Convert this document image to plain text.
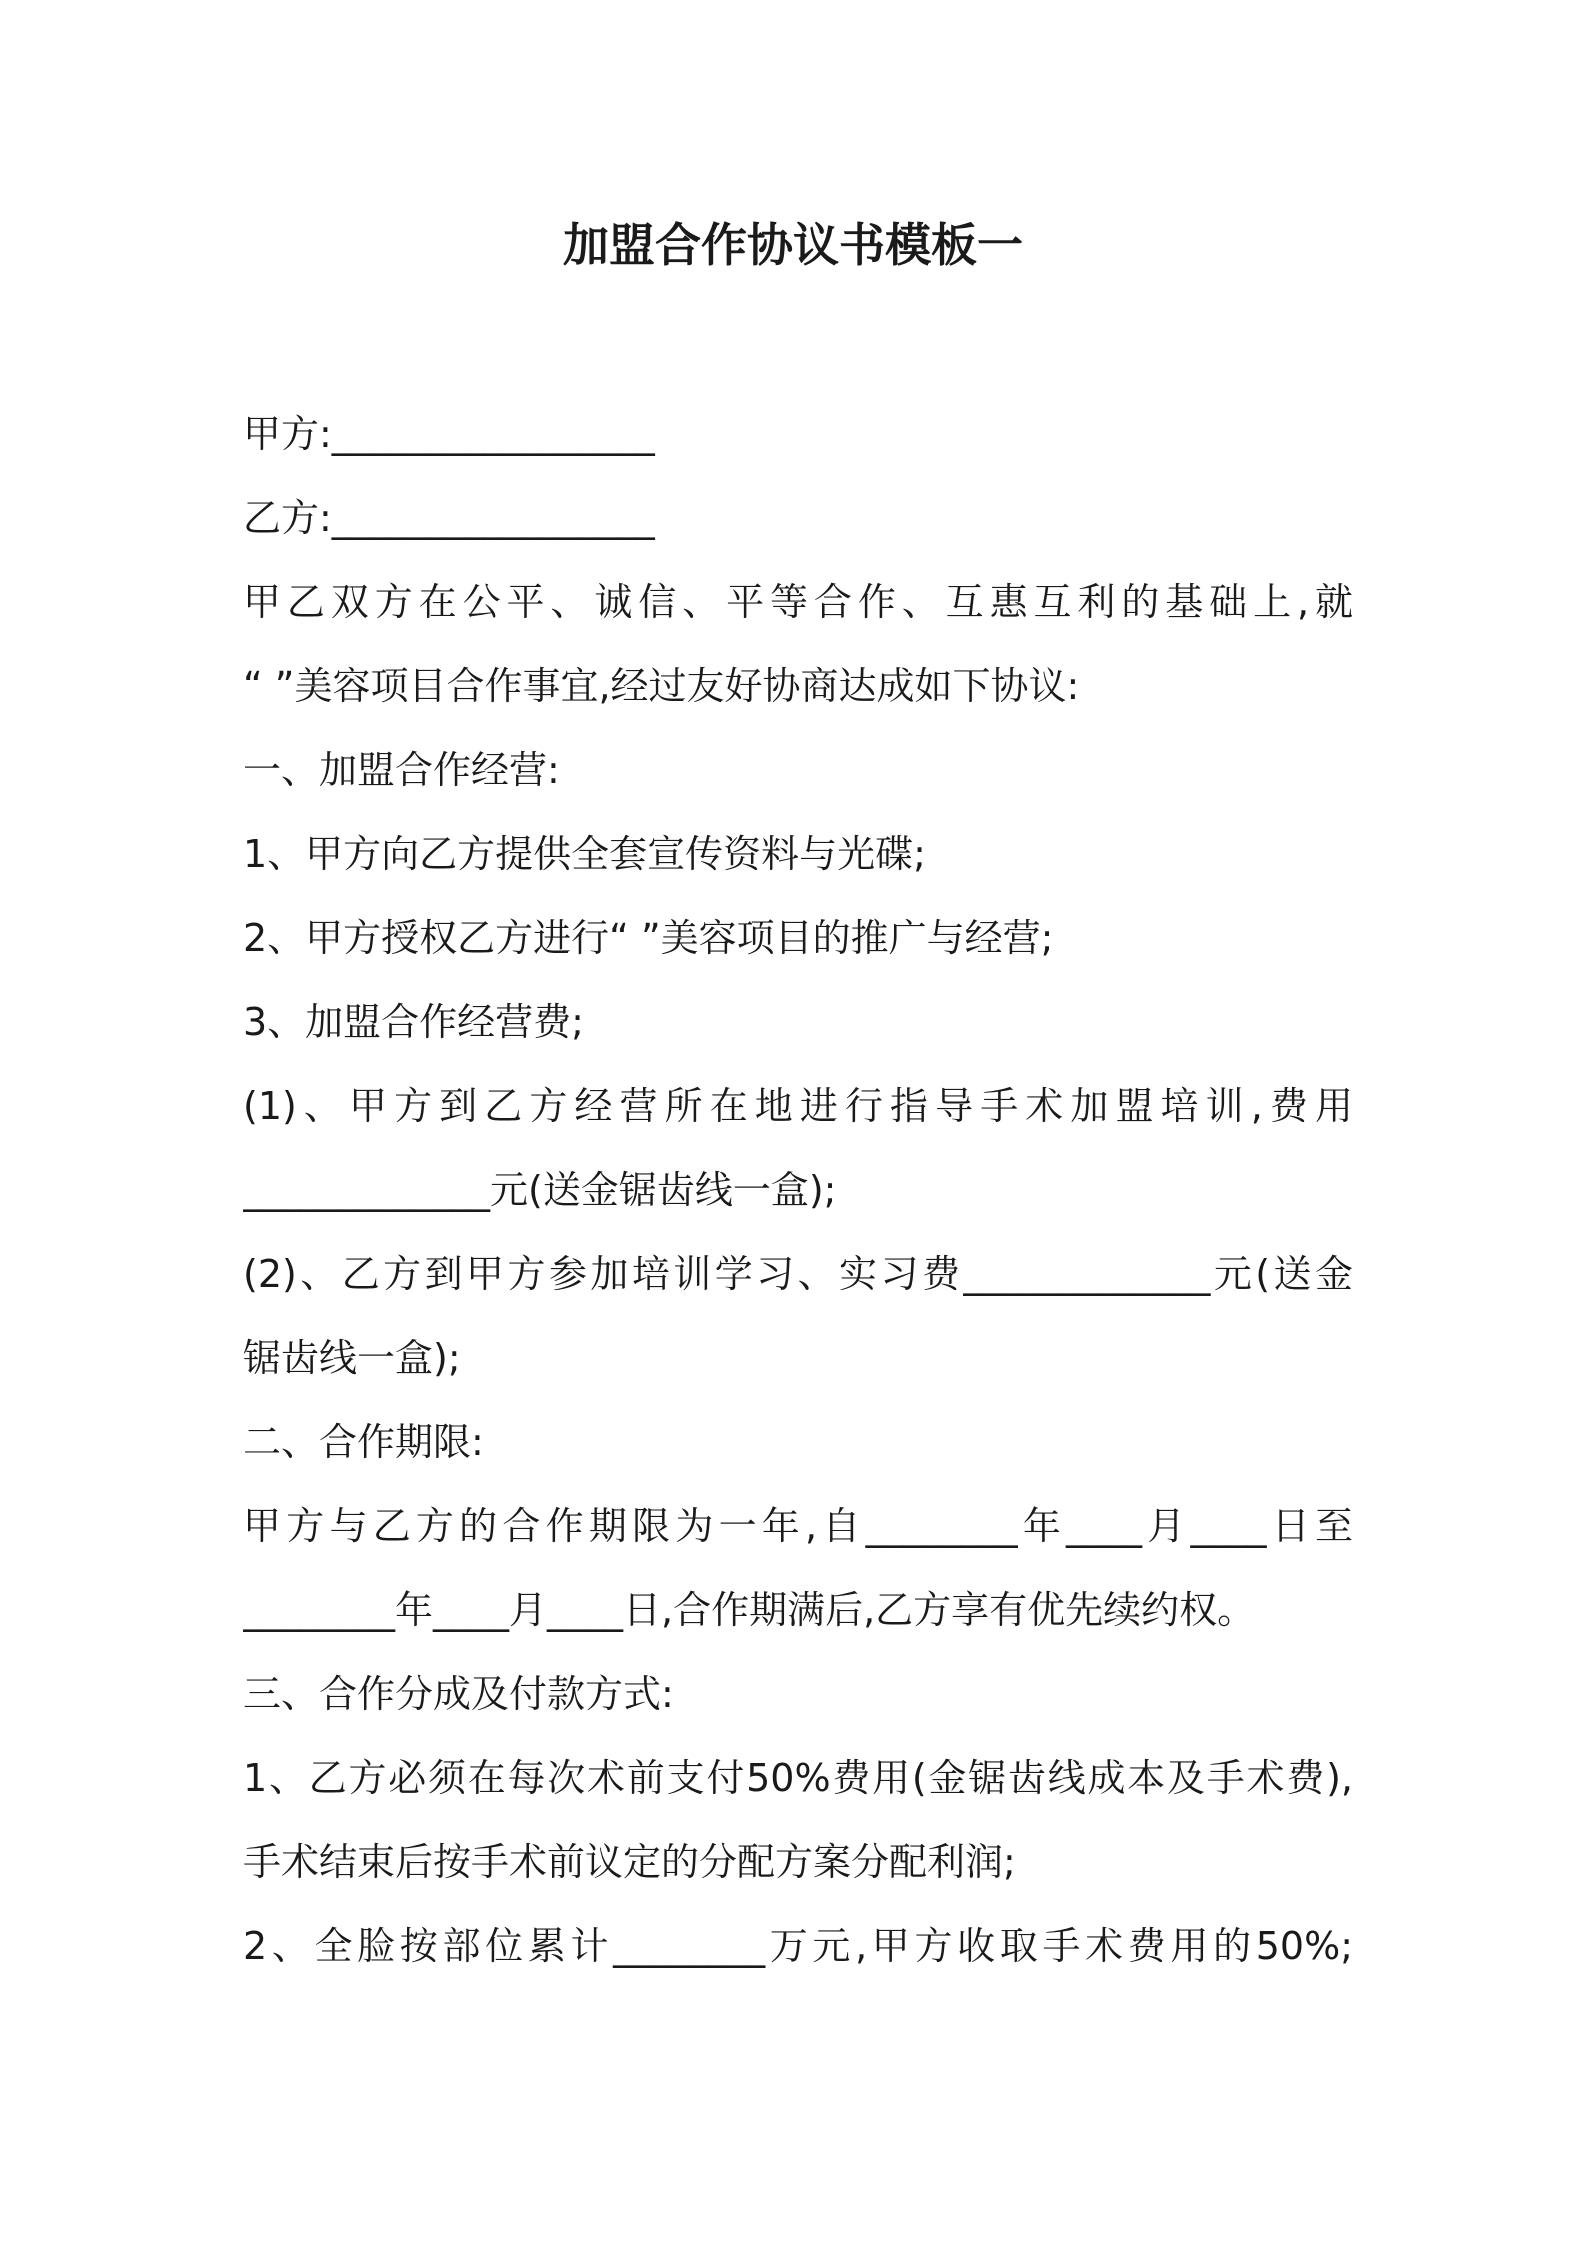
加盟合作协议书模板一
甲方:_________________
乙方:_________________
甲乙双方在公平、诚信、平等合作、互惠互利的基础上,就
“ ”美容项目合作事宜,经过友好协商达成如下协议:
一、加盟合作经营:
1、甲方向乙方提供全套宣传资料与光碟;
2、甲方授权乙方进行“ ”美容项目的推广与经营;
3、加盟合作经营费;
(1)、甲方到乙方经营所在地进行指导手术加盟培训,费用
_____________元(送金锯齿线一盒);
(2)、乙方到甲方参加培训学习、实习费_____________元(送金
锯齿线一盒);
二、合作期限:
甲方与乙方的合作期限为一年,自________年____月____日至
________年____月____日,合作期满后,乙方享有优先续约权。
三、合作分成及付款方式:
1、乙方必须在每次术前支付50%费用(金锯齿线成本及手术费),
手术结束后按手术前议定的分配方案分配利润;
2、全脸按部位累计________万元,甲方收取手术费用的50%;
